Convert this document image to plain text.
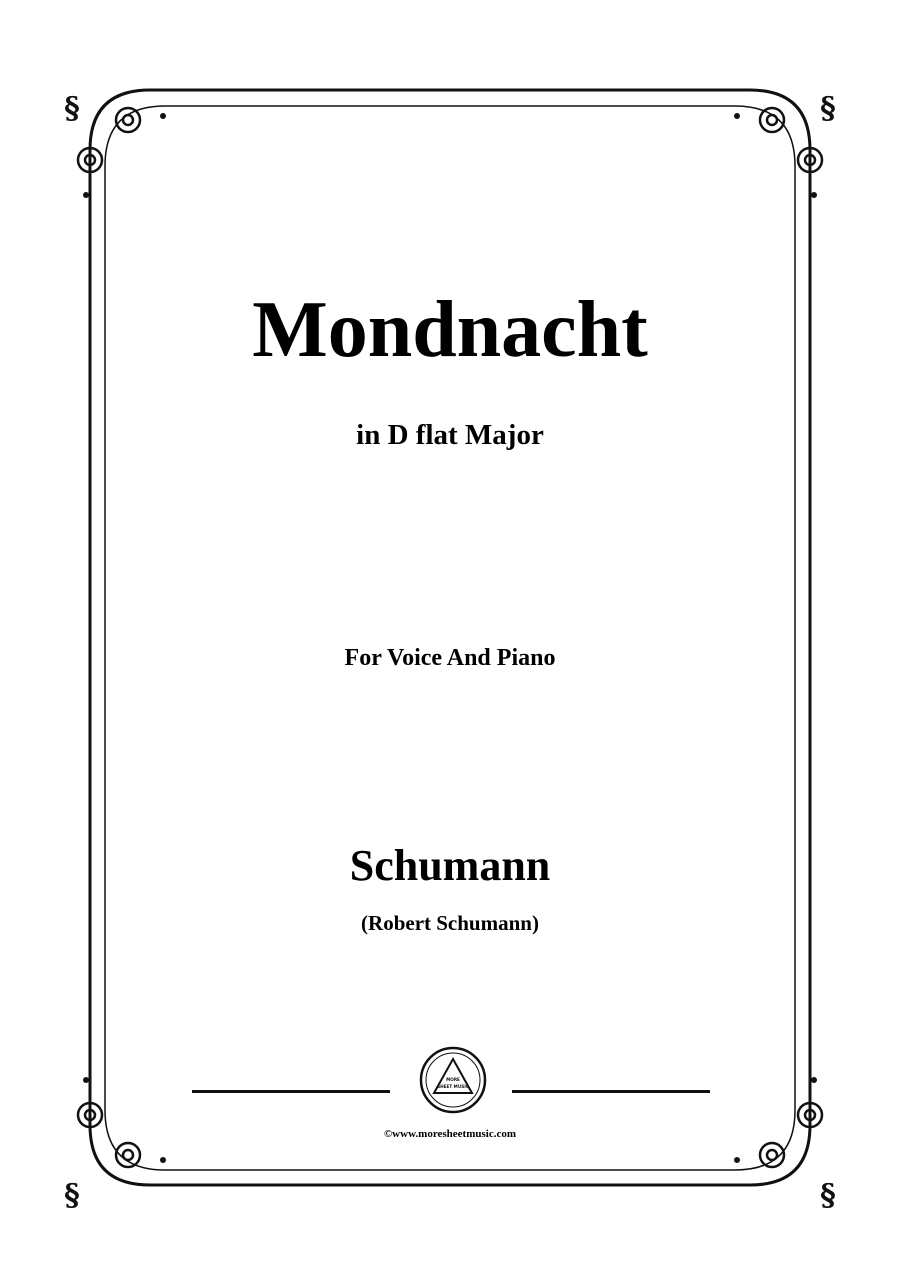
§	§
§	§
Mondnacht
in D flat Major
For Voice And Piano
Schumann
(Robert Schumann)
MORE
SHEET MUSIC
©www.moresheetmusic.com
